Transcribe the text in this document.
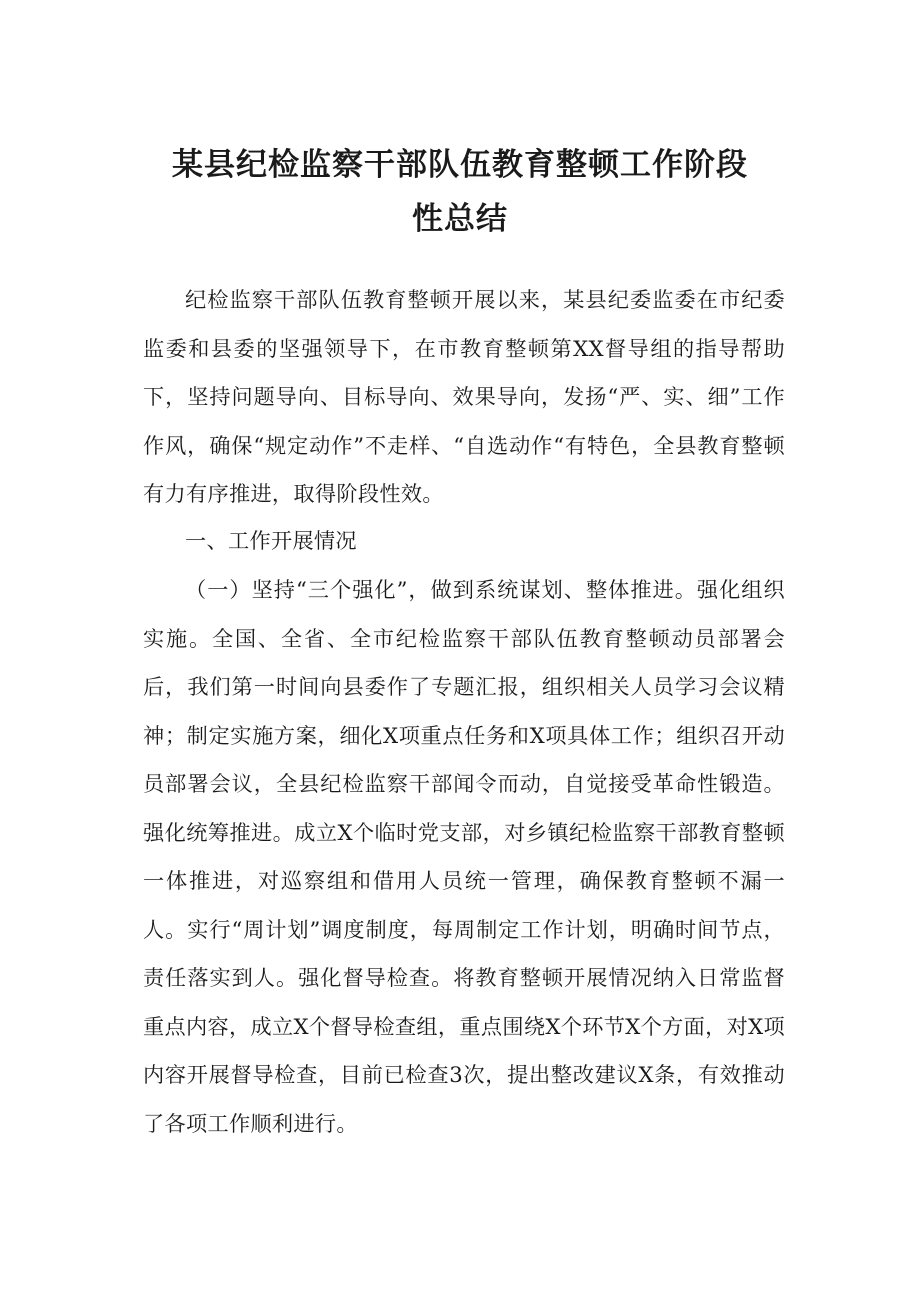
某县纪检监察干部队伍教育整顿工作阶段
性总结

纪检监察干部队伍教育整顿开展以来，某县纪委监委在市纪委监委和县委的坚强领导下，在市教育整顿第XX督导组的指导帮助下，坚持问题导向、目标导向、效果导向，发扬“严、实、细”工作作风，确保“规定动作”不走样、“自选动作“有特色，全县教育整顿有力有序推进，取得阶段性效。

一、工作开展情况

（一）坚持“三个强化”，做到系统谋划、整体推进。强化组织实施。全国、全省、全市纪检监察干部队伍教育整顿动员部署会后，我们第一时间向县委作了专题汇报，组织相关人员学习会议精神；制定实施方案，细化X项重点任务和X项具体工作；组织召开动员部署会议，全县纪检监察干部闻令而动，自觉接受革命性锻造。强化统筹推进。成立X个临时党支部，对乡镇纪检监察干部教育整顿一体推进，对巡察组和借用人员统一管理，确保教育整顿不漏一人。实行“周计划”调度制度，每周制定工作计划，明确时间节点，责任落实到人。强化督导检查。将教育整顿开展情况纳入日常监督重点内容，成立X个督导检查组，重点围绕X个环节X个方面，对X项内容开展督导检查，目前已检查3次，提出整改建议X条，有效推动了各项工作顺利进行。
